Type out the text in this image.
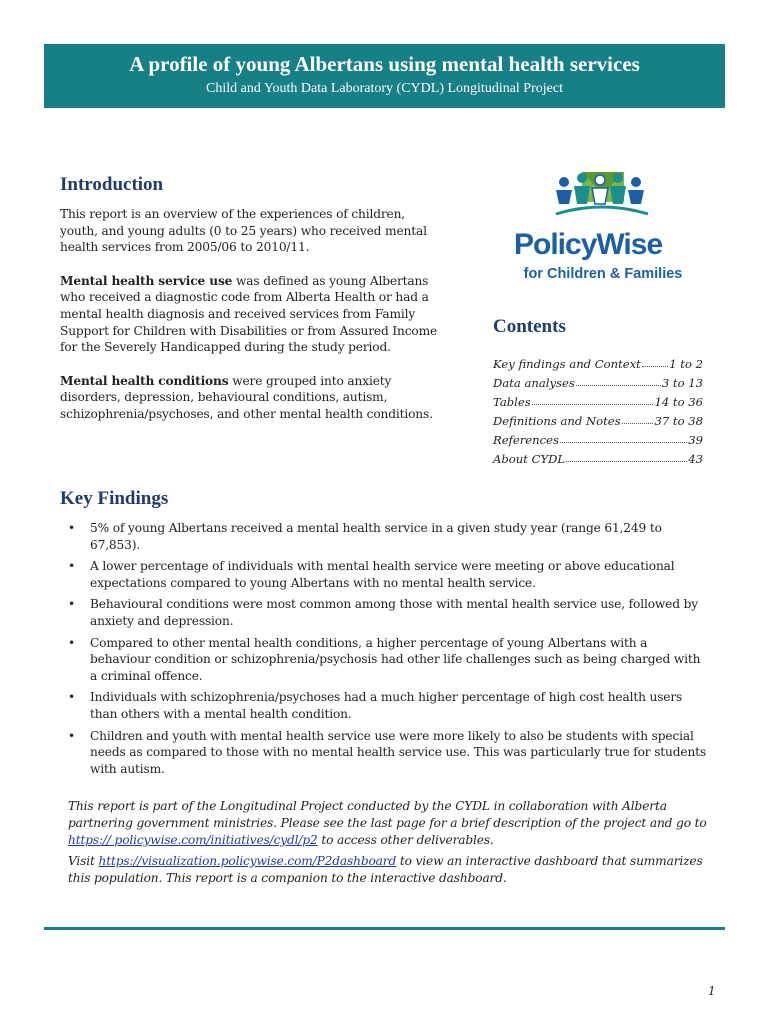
A profile of young Albertans using mental health services
Child and Youth Data Laboratory (CYDL) Longitudinal Project
Introduction

This report is an overview of the experiences of children, youth, and young adults (0 to 25 years) who received mental health services from 2005/06 to 2010/11.

Mental health service use was defined as young Albertans who received a diagnostic code from Alberta Health or had a mental health diagnosis and received services from Family Support for Children with Disabilities or from Assured Income for the Severely Handicapped during the study period.

Mental health conditions were grouped into anxiety disorders, depression, behavioural conditions, autism, schizophrenia/psychoses, and other mental health conditions.

PolicyWise
for Children & Families
Contents
Key findings and Context 1 to 2
Data analyses	3 to 13
Tables	14 to 36
Definitions and Notes	37 to 38
References	39
About CYDL	43
Key Findings
• 5% of young Albertans received a mental health service in a given study year (range 61,249 to 67,853).
• A lower percentage of individuals with mental health service were meeting or above educational expectations compared to young Albertans with no mental health service.
• Behavioural conditions were most common among those with mental health service use, followed by anxiety and depression.
• Compared to other mental health conditions, a higher percentage of young Albertans with a behaviour condition or schizophrenia/psychosis had other life challenges such as being charged with a criminal offence.
• Individuals with schizophrenia/psychoses had a much higher percentage of high cost health users than others with a mental health condition.
• Children and youth with mental health service use were more likely to also be students with special needs as compared to those with no mental health service use. This was particularly true for students with autism.

This report is part of the Longitudinal Project conducted by the CYDL in collaboration with Alberta partnering government ministries. Please see the last page for a brief description of the project and go to https:// policywise.com/initiatives/cydl/p2 to access other deliverables.

Visit https://visualization.policywise.com/P2dashboard to view an interactive dashboard that summarizes this population. This report is a companion to the interactive dashboard.

1
